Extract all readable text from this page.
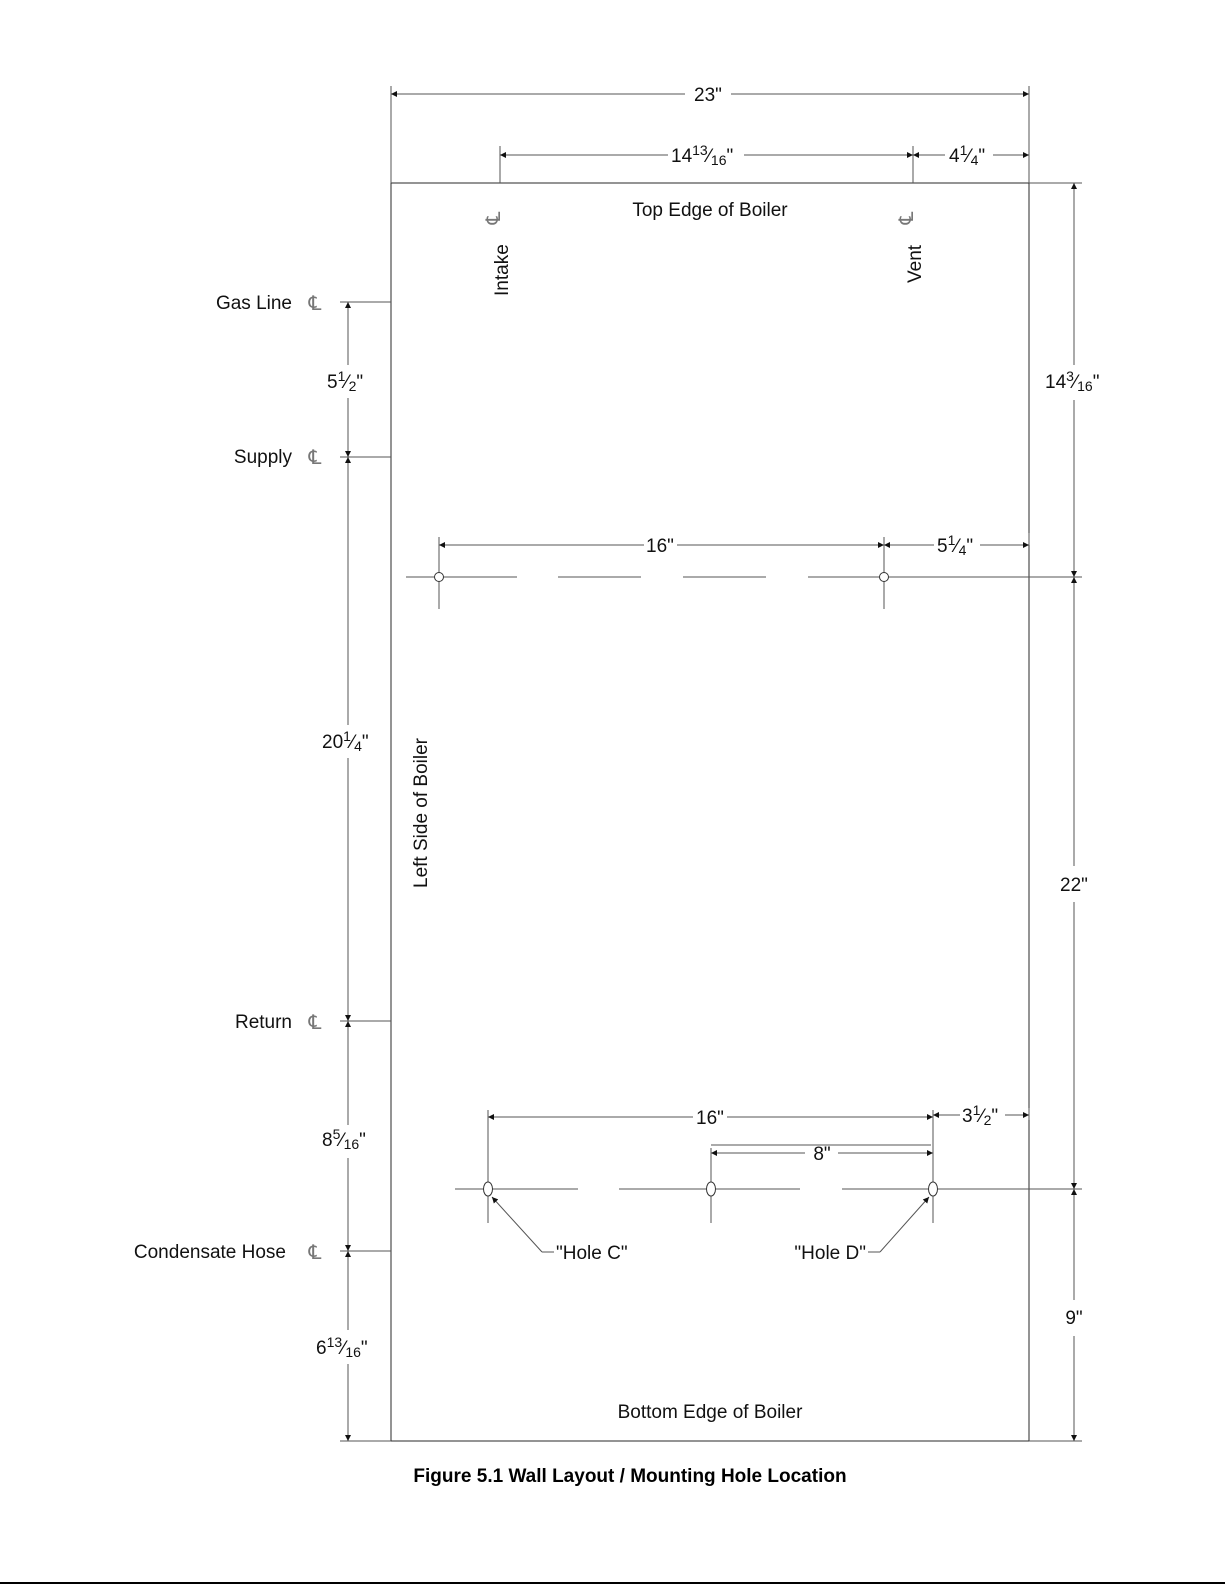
23"
$14^{13}⁄16$"	$4^1⁄4$"
16"	$5^1⁄4$"
16"	$3^1⁄2$"
8"
$14^3⁄16$"
22"
9"
$5^1⁄2$"
$20^1⁄4$"
$8^5⁄16$"
$6^{13}⁄16$"
Top Edge of Boiler
Bottom Edge of Boiler
Left Side of Boiler
Intake
℄
Vent
℄
Gas Line ℄
Supply ℄
Return ℄
Condensate Hose ℄	"Hole C"	"Hole D"
Figure 5.1 Wall Layout / Mounting Hole Location
